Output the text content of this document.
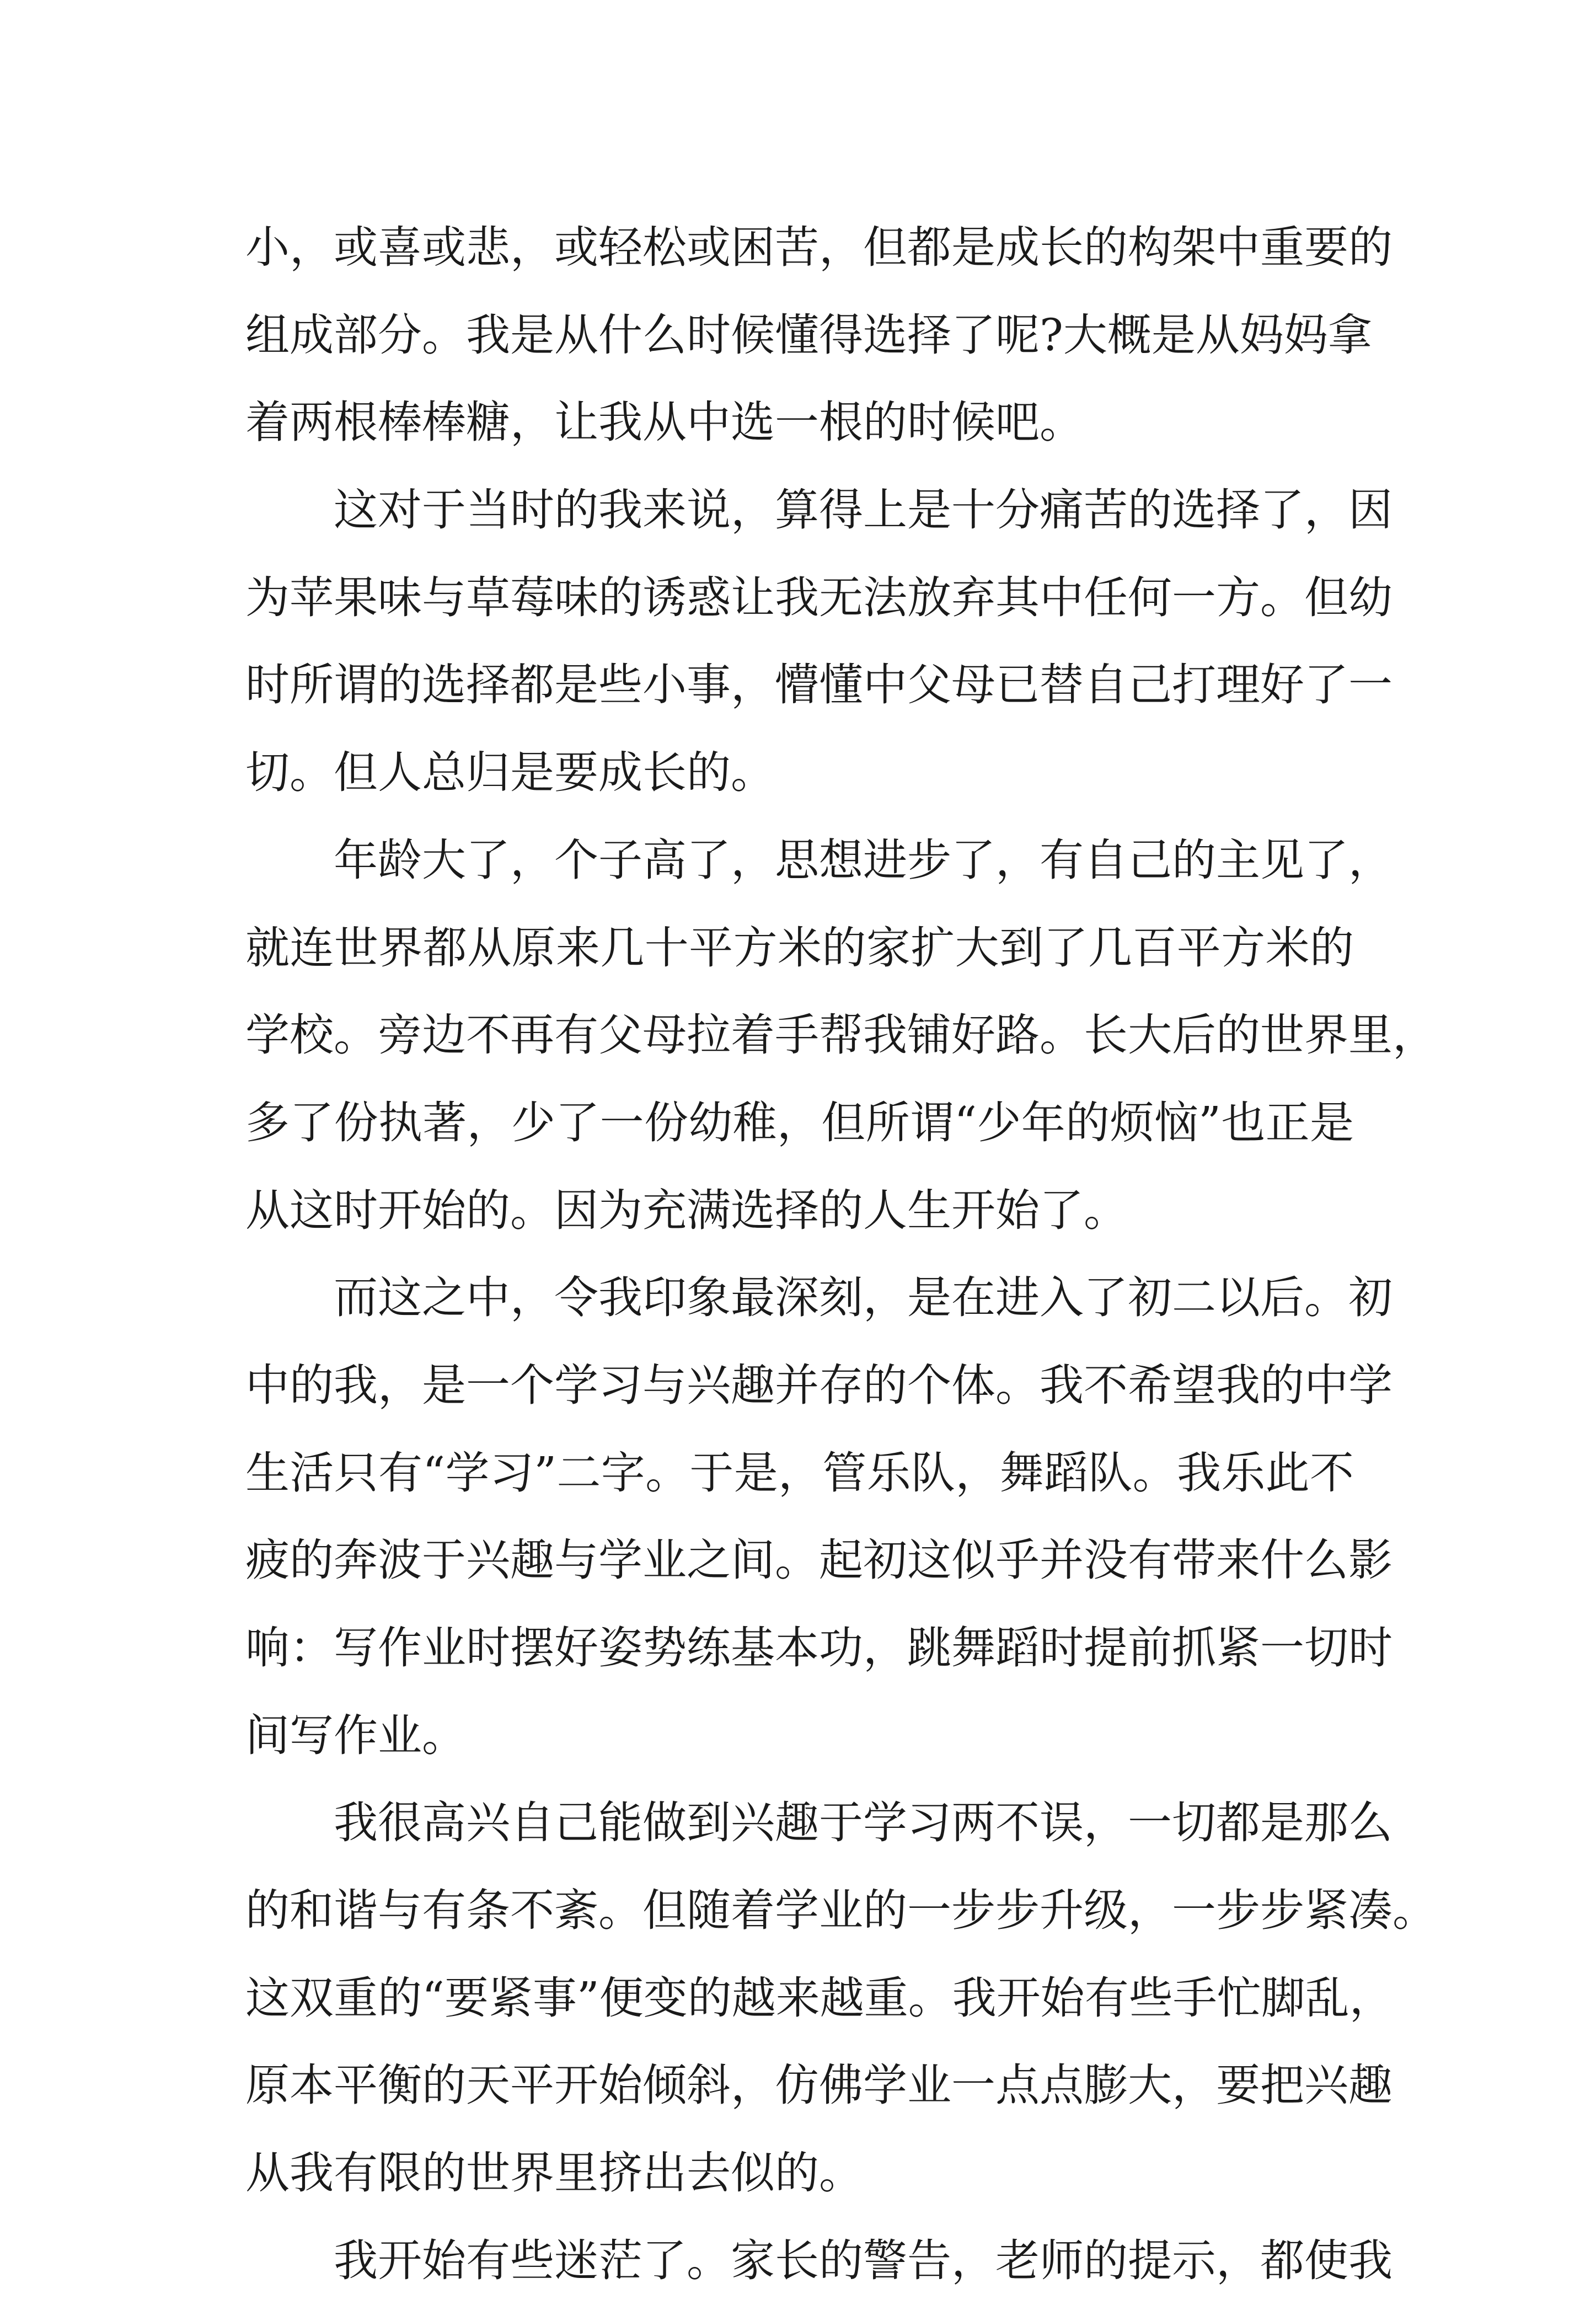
小，或喜或悲，或轻松或困苦，但都是成长的构架中重要的
组成部分。我是从什么时候懂得选择了呢?大概是从妈妈拿
着两根棒棒糖，让我从中选一根的时候吧。
这对于当时的我来说，算得上是十分痛苦的选择了，因
为苹果味与草莓味的诱惑让我无法放弃其中任何一方。但幼
时所谓的选择都是些小事，懵懂中父母已替自己打理好了一
切。但人总归是要成长的。
年龄大了，个子高了，思想进步了，有自己的主见了，
就连世界都从原来几十平方米的家扩大到了几百平方米的
学校。旁边不再有父母拉着手帮我铺好路。长大后的世界里，
多了份执著，少了一份幼稚，但所谓“少年的烦恼”也正是
从这时开始的。因为充满选择的人生开始了。
而这之中，令我印象最深刻，是在进入了初二以后。初
中的我，是一个学习与兴趣并存的个体。我不希望我的中学
生活只有“学习”二字。于是，管乐队，舞蹈队。我乐此不
疲的奔波于兴趣与学业之间。起初这似乎并没有带来什么影
响：写作业时摆好姿势练基本功，跳舞蹈时提前抓紧一切时
间写作业。
我很高兴自己能做到兴趣于学习两不误，一切都是那么
的和谐与有条不紊。但随着学业的一步步升级，一步步紧凑。
这双重的“要紧事”便变的越来越重。我开始有些手忙脚乱，
原本平衡的天平开始倾斜，仿佛学业一点点膨大，要把兴趣
从我有限的世界里挤出去似的。
我开始有些迷茫了。家长的警告，老师的提示，都使我
